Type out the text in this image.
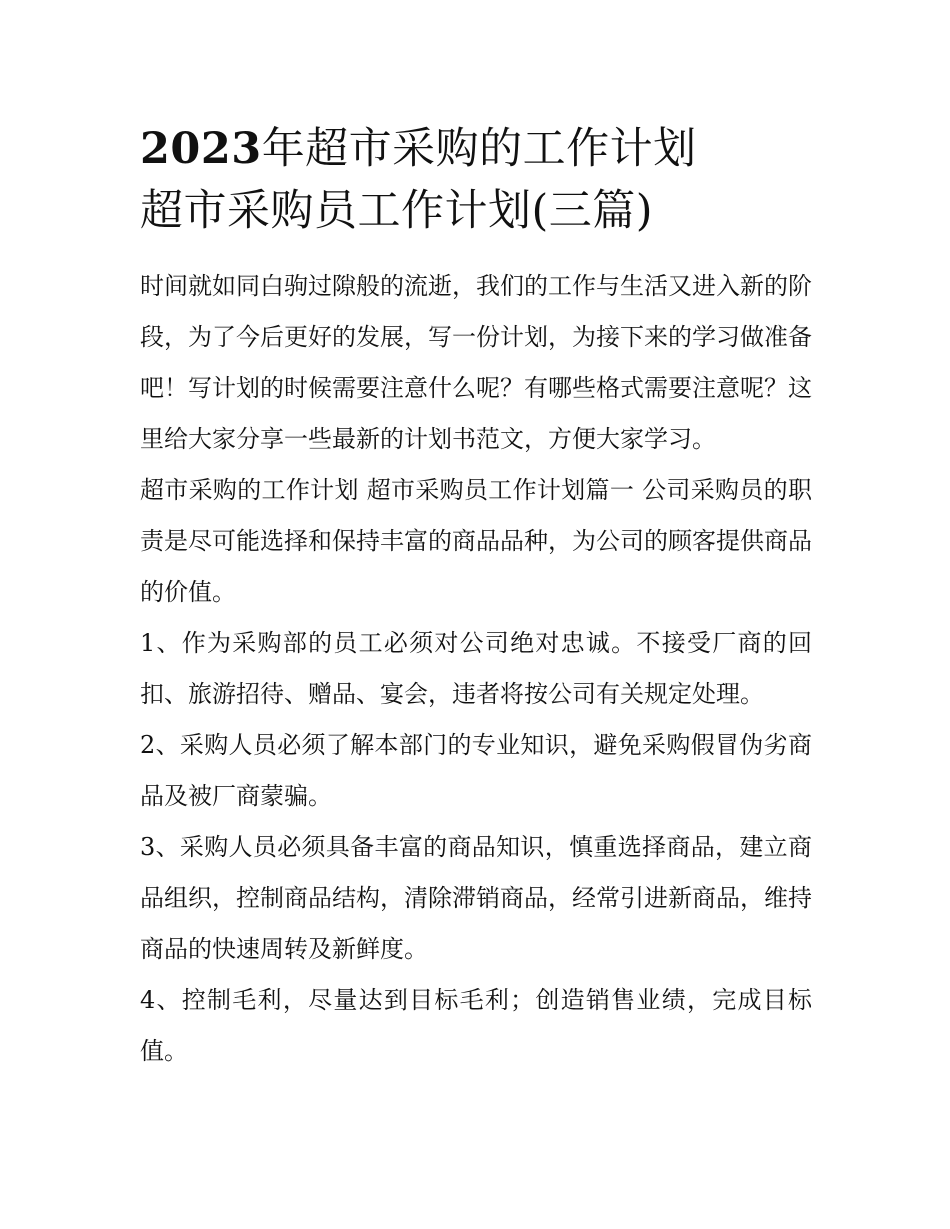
2023年超市采购的工作计划
超市采购员工作计划(三篇)

时间就如同白驹过隙般的流逝，我们的工作与生活又进入新的阶段，为了今后更好的发展，写一份计划，为接下来的学习做准备吧！写计划的时候需要注意什么呢？有哪些格式需要注意呢？这里给大家分享一些最新的计划书范文，方便大家学习。

超市采购的工作计划 超市采购员工作计划篇一 公司采购员的职责是尽可能选择和保持丰富的商品品种，为公司的顾客提供商品的价值。

1、作为采购部的员工必须对公司绝对忠诚。不接受厂商的回扣、旅游招待、赠品、宴会，违者将按公司有关规定处理。

2、采购人员必须了解本部门的专业知识，避免采购假冒伪劣商品及被厂商蒙骗。

3、采购人员必须具备丰富的商品知识，慎重选择商品，建立商品组织，控制商品结构，清除滞销商品，经常引进新商品，维持商品的快速周转及新鲜度。

4、控制毛利，尽量达到目标毛利；创造销售业绩，完成目标值。
